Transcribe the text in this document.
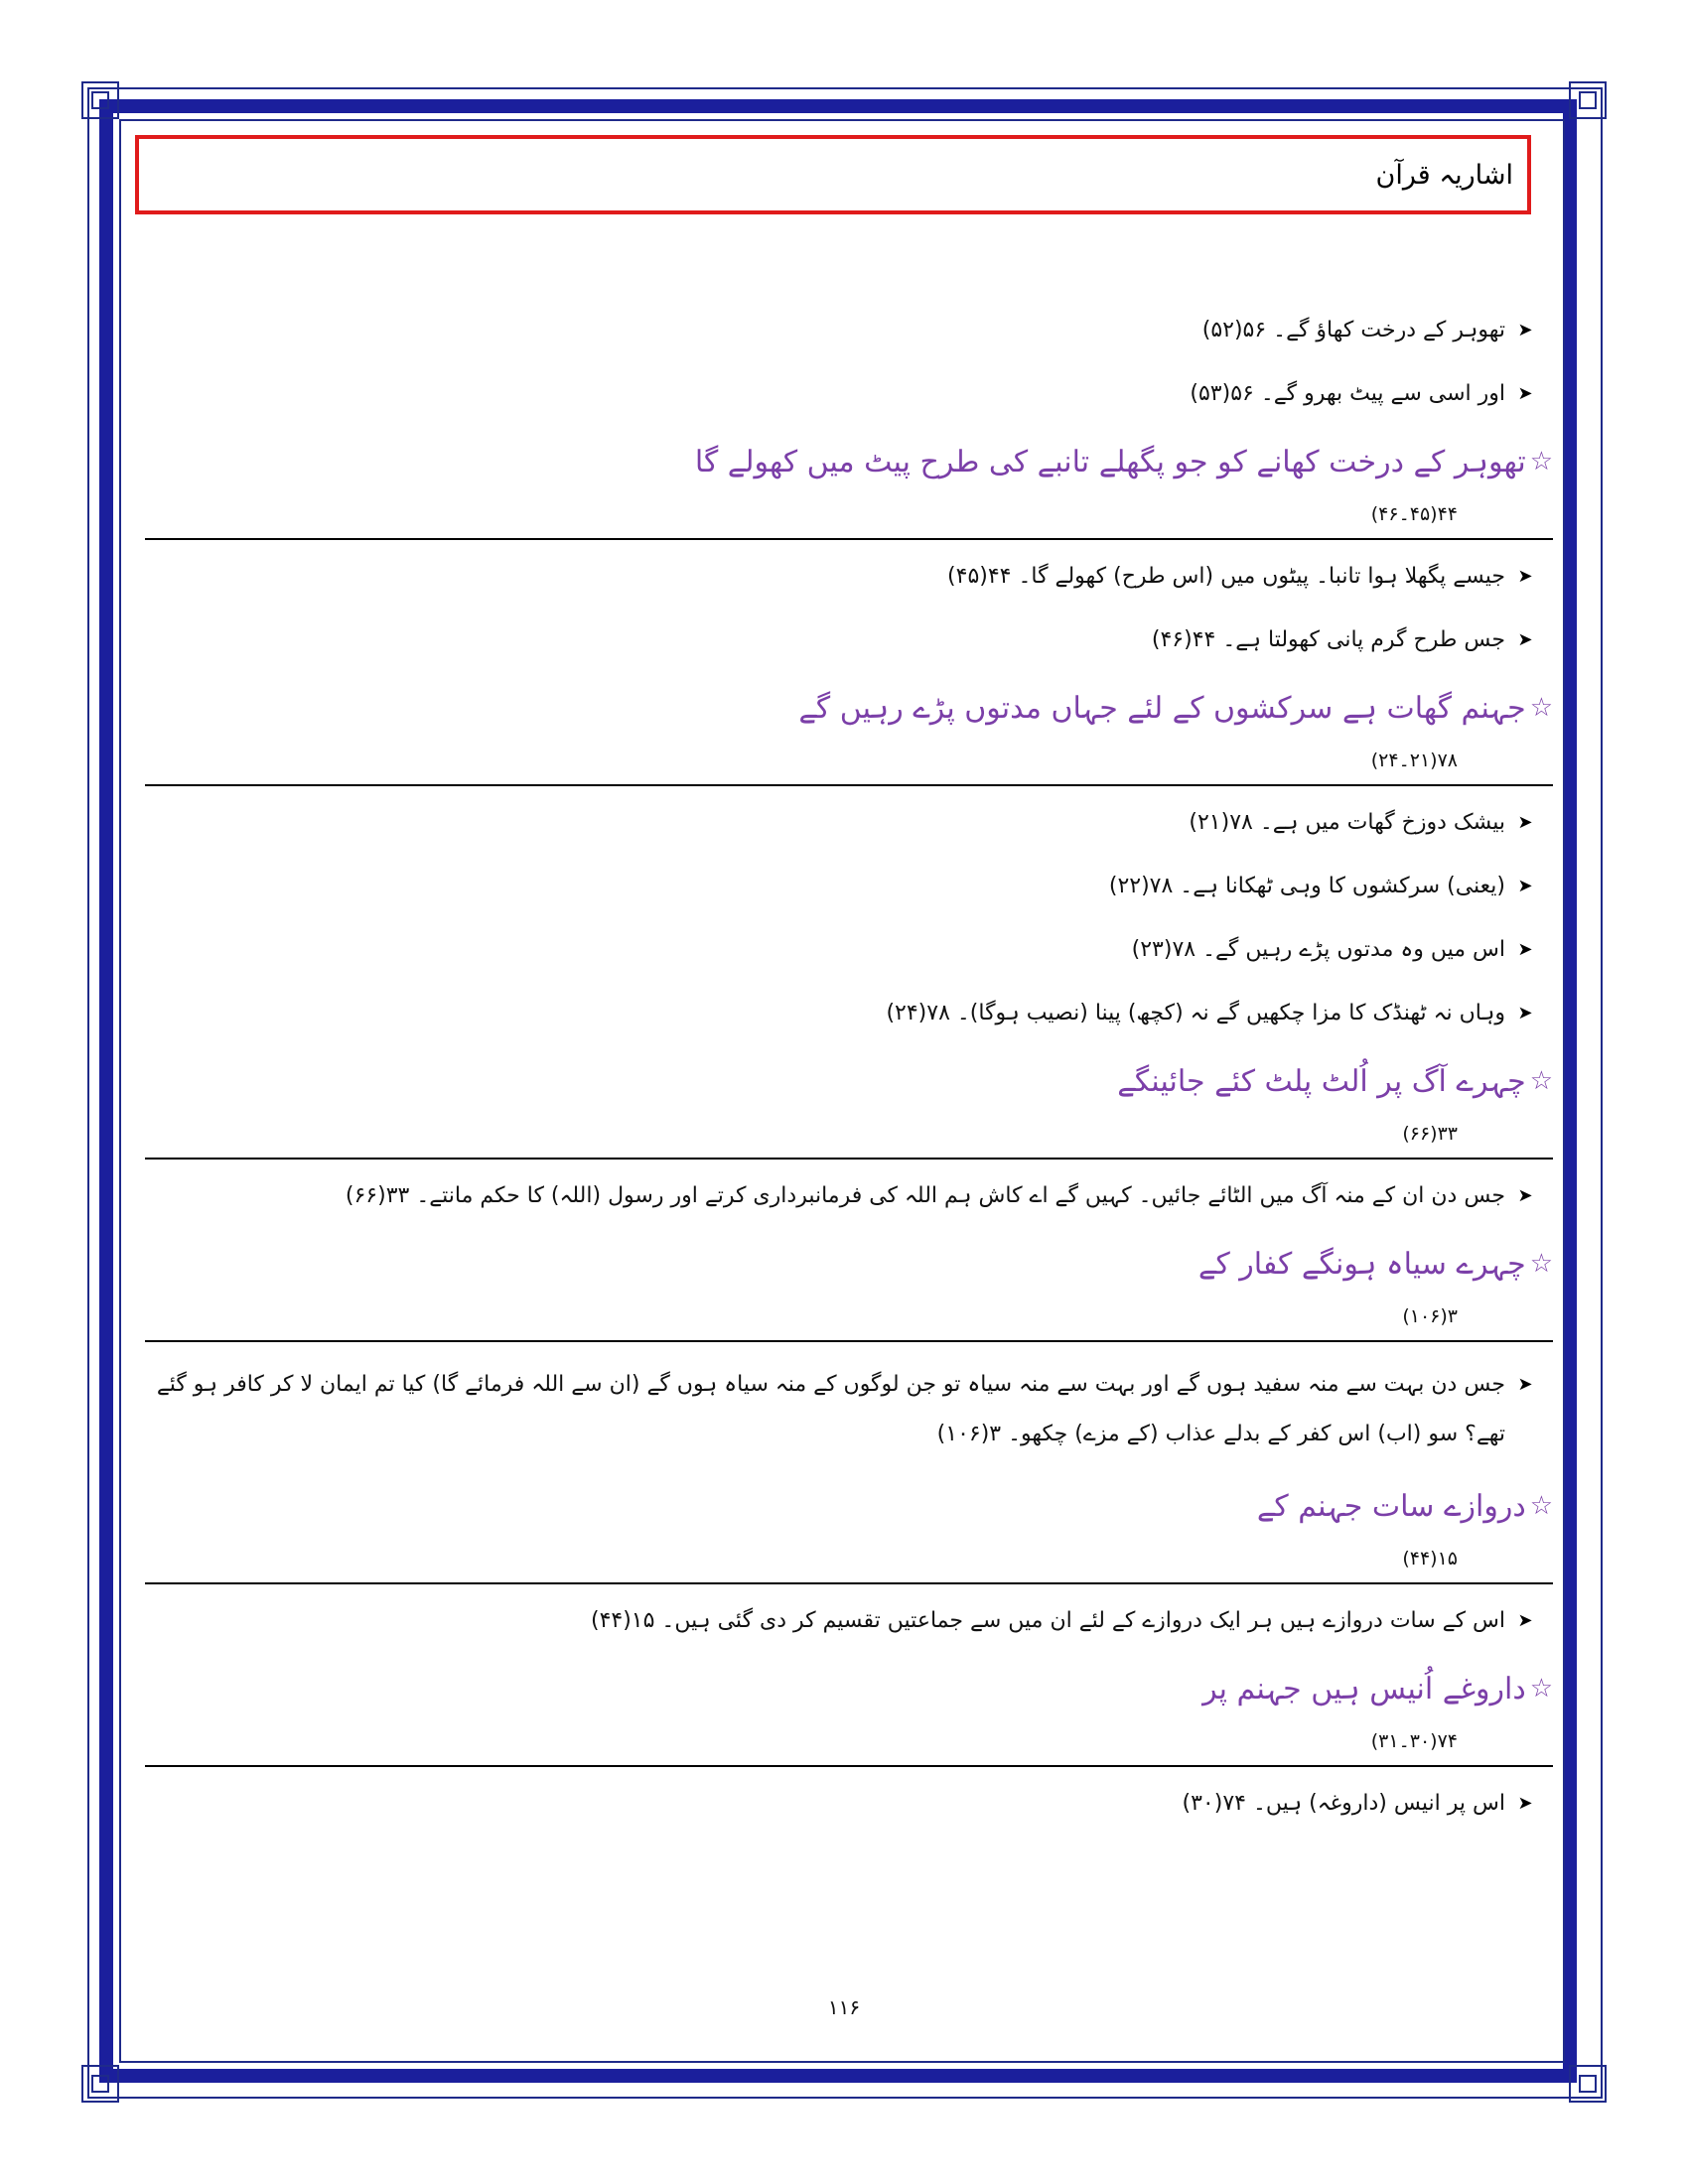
اشاریہ قرآن
➤
تھوہر کے درخت کھاؤ گے۔ ۵۶(۵۲)
➤
اور اسی سے پیٹ بھرو گے۔ ۵۶(۵۳)
☆
تھوہر کے درخت کھانے کو جو پگھلے تانبے کی طرح پیٹ میں کھولے گا
۴۴(۴۵۔۴۶)
➤
جیسے پگھلا ہوا تانبا۔ پیٹوں میں (اس طرح) کھولے گا۔ ۴۴(۴۵)
➤
جس طرح گرم پانی کھولتا ہے۔ ۴۴(۴۶)
☆
جہنم گھات ہے سرکشوں کے لئے جہاں مدتوں پڑے رہیں گے
۷۸(۲۱۔۲۴)
➤
بیشک دوزخ گھات میں ہے۔ ۷۸(۲۱)
➤
(یعنی) سرکشوں کا وہی ٹھکانا ہے۔ ۷۸(۲۲)
➤
اس میں وہ مدتوں پڑے رہیں گے۔ ۷۸(۲۳)
➤
وہاں نہ ٹھنڈک کا مزا چکھیں گے نہ (کچھ) پینا (نصیب ہوگا)۔ ۷۸(۲۴)
☆
چہرے آگ پر اُلٹ پلٹ کئے جائینگے
۳۳(۶۶)
➤
جس دن ان کے منہ آگ میں الٹائے جائیں۔ کہیں گے اے کاش ہم اللہ کی فرمانبرداری کرتے اور رسول (اللہ) کا حکم مانتے۔ ۳۳(۶۶)
☆
چہرے سیاہ ہونگے کفار کے
۳(۱۰۶)
➤
جس دن بہت سے منہ سفید ہوں گے اور بہت سے منہ سیاہ تو جن لوگوں کے منہ سیاہ ہوں گے (ان سے اللہ فرمائے گا) کیا تم ایمان لا کر کافر ہو گئے تھے؟ سو (اب) اس کفر کے بدلے عذاب (کے مزے) چکھو۔ ۳(۱۰۶)
☆
دروازے سات جہنم کے
۱۵(۴۴)
➤
اس کے سات دروازے ہیں ہر ایک دروازے کے لئے ان میں سے جماعتیں تقسیم کر دی گئی ہیں۔ ۱۵(۴۴)
☆
داروغے اُنیس ہیں جہنم پر
۷۴(۳۰۔۳۱)
➤
اس پر انیس (داروغہ) ہیں۔ ۷۴(۳۰)
۱۱۶
